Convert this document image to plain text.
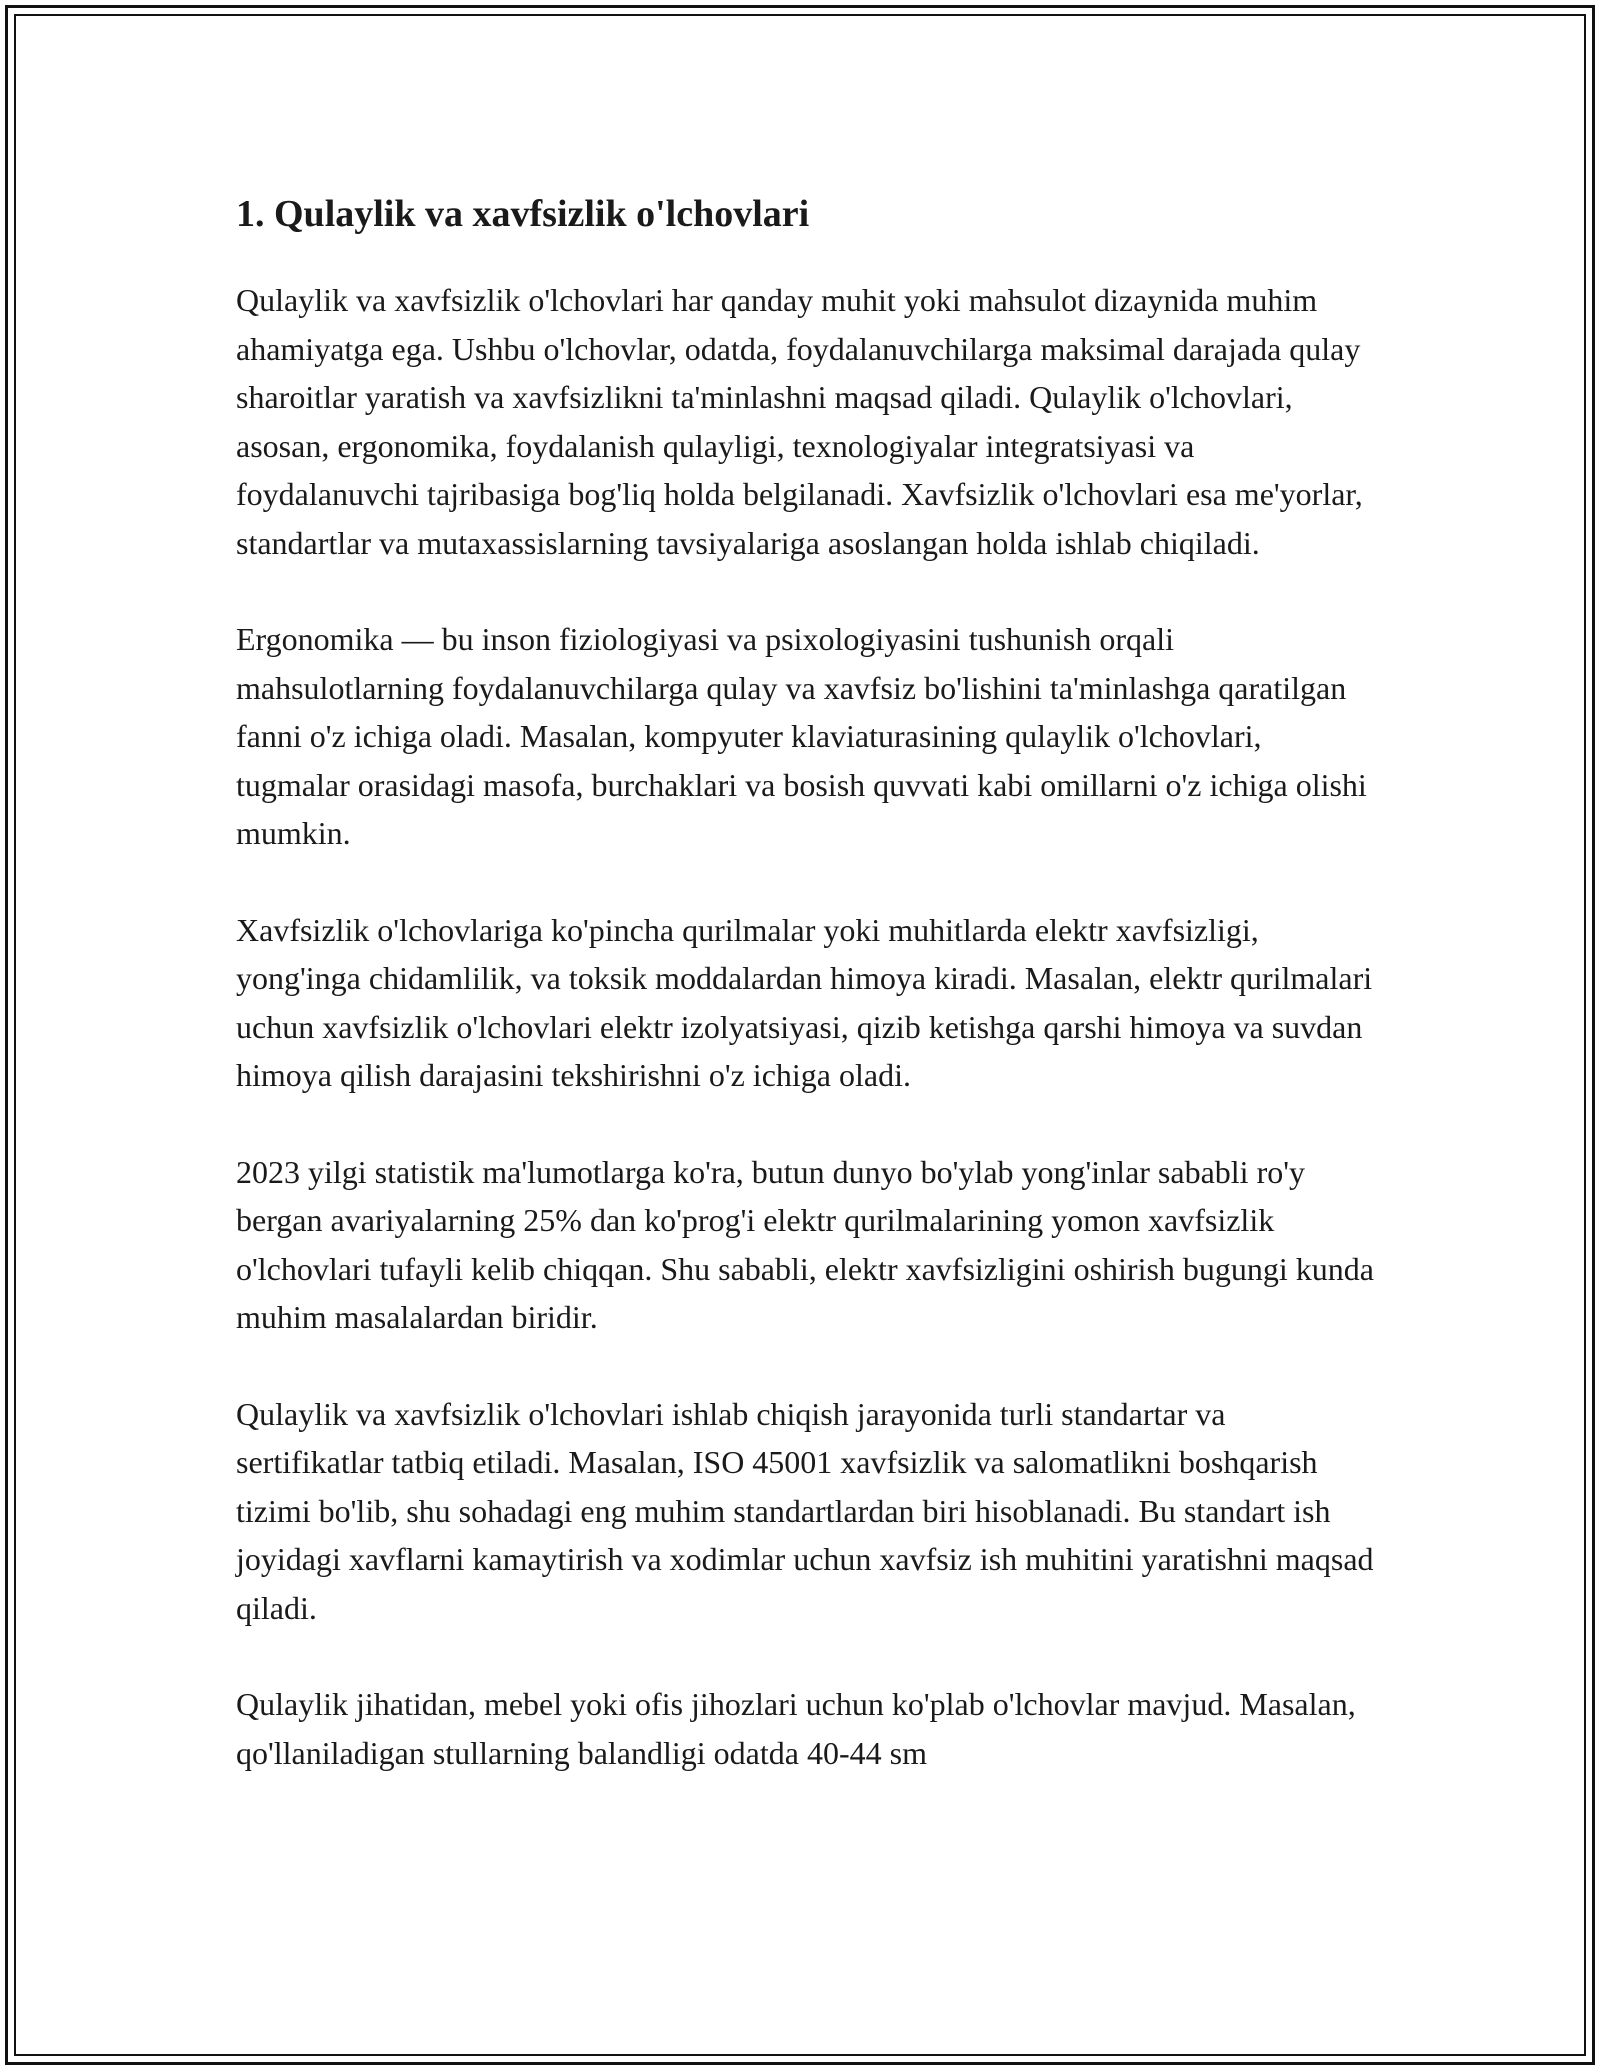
1. Qulaylik va xavfsizlik o'lchovlari

Qulaylik va xavfsizlik o'lchovlari har qanday muhit yoki mahsulot dizaynida muhim ahamiyatga ega. Ushbu o'lchovlar, odatda, foydalanuvchilarga maksimal darajada qulay sharoitlar yaratish va xavfsizlikni ta'minlashni maqsad qiladi. Qulaylik o'lchovlari, asosan, ergonomika, foydalanish qulayligi, texnologiyalar integratsiyasi va foydalanuvchi tajribasiga bog'liq holda belgilanadi. Xavfsizlik o'lchovlari esa me'yorlar, standartlar va mutaxassislarning tavsiyalariga asoslangan holda ishlab chiqiladi.

Ergonomika — bu inson fiziologiyasi va psixologiyasini tushunish orqali mahsulotlarning foydalanuvchilarga qulay va xavfsiz bo'lishini ta'minlashga qaratilgan fanni o'z ichiga oladi. Masalan, kompyuter klaviaturasining qulaylik o'lchovlari, tugmalar orasidagi masofa, burchaklari va bosish quvvati kabi omillarni o'z ichiga olishi mumkin.

Xavfsizlik o'lchovlariga ko'pincha qurilmalar yoki muhitlarda elektr xavfsizligi, yong'inga chidamlilik, va toksik moddalardan himoya kiradi. Masalan, elektr qurilmalari uchun xavfsizlik o'lchovlari elektr izolyatsiyasi, qizib ketishga qarshi himoya va suvdan himoya qilish darajasini tekshirishni o'z ichiga oladi.

2023 yilgi statistik ma'lumotlarga ko'ra, butun dunyo bo'ylab yong'inlar sababli ro'y bergan avariyalarning 25% dan ko'prog'i elektr qurilmalarining yomon xavfsizlik o'lchovlari tufayli kelib chiqqan. Shu sababli, elektr xavfsizligini oshirish bugungi kunda muhim masalalardan biridir.

Qulaylik va xavfsizlik o'lchovlari ishlab chiqish jarayonida turli standartar va sertifikatlar tatbiq etiladi. Masalan, ISO 45001 xavfsizlik va salomatlikni boshqarish tizimi bo'lib, shu sohadagi eng muhim standartlardan biri hisoblanadi. Bu standart ish joyidagi xavflarni kamaytirish va xodimlar uchun xavfsiz ish muhitini yaratishni maqsad qiladi.

Qulaylik jihatidan, mebel yoki ofis jihozlari uchun ko'plab o'lchovlar mavjud. Masalan, qo'llaniladigan stullarning balandligi odatda 40-44 sm
